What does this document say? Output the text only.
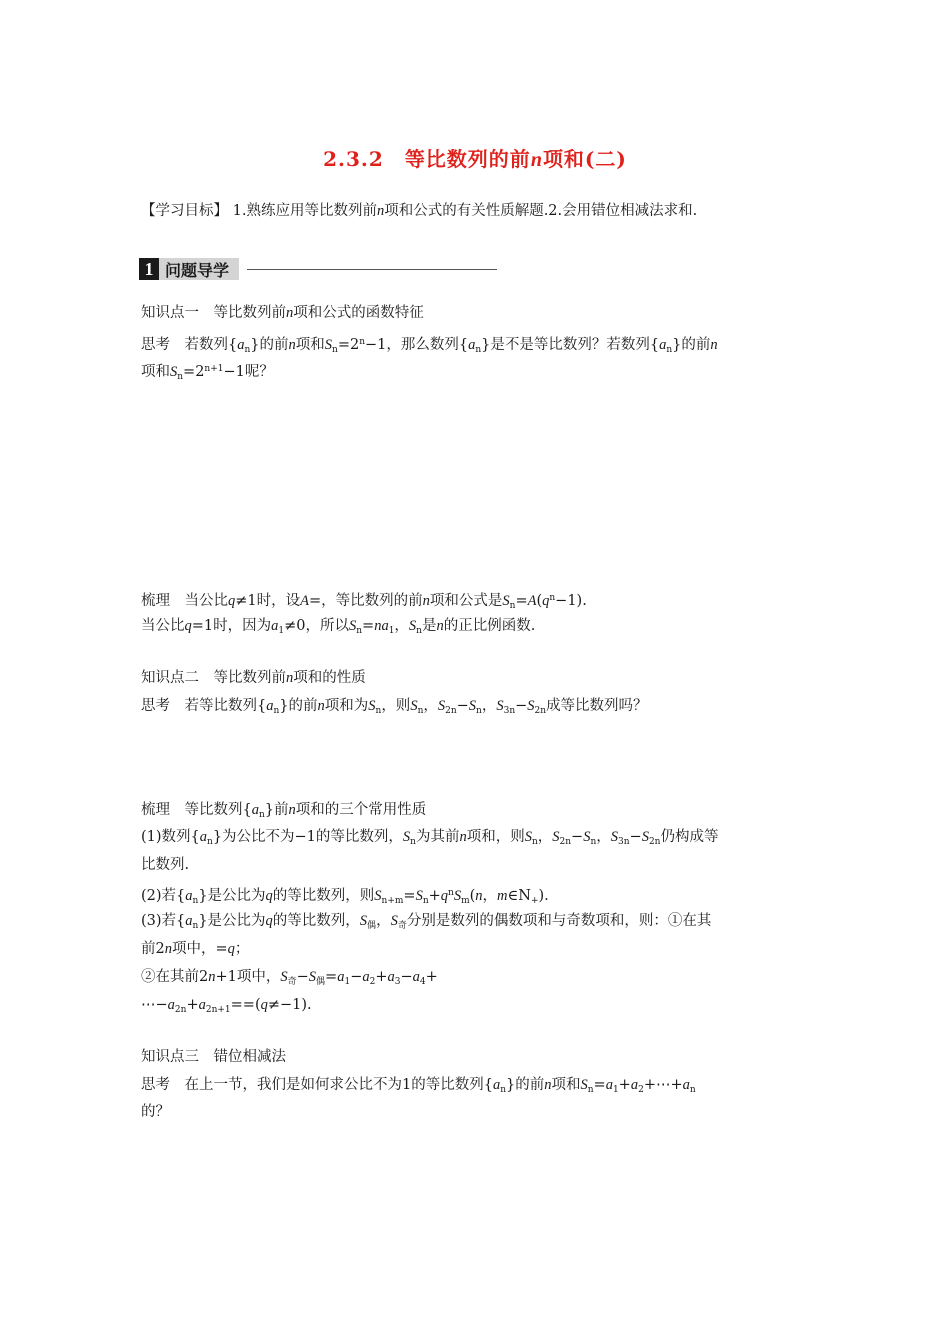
2.3.2　 等比数列的前n项和(二)
【学习目标】 1.熟练应用等比数列前n项和公式的有关性质解题.2.会用错位相减法求和.
1 问题导学
知识点一　等比数列前n项和公式的函数特征
思考　若数列$\{a_n\}$的前n项和$S_n=2^n-1$，那么数列$\{a_n\}$是不是等比数列？若数列$\{a_n\}$的前n
项和$S_n=2^{n+1}-1$呢？
梳理　当公比q≠1时，设A=，等比数列的前n项和公式是$S_n=A(q^n-1)$.
当公比q=1时，因为$a_1\ne 0$，所以$S_n=na_1$，$S_n$是n的正比例函数.
知识点二　等比数列前n项和的性质
思考　若等比数列$\{a_n\}$的前n项和为$S_n$，则$S_n$，$S_{2n}-S_n$，$S_{3n}-S_{2n}$成等比数列吗？
梳理　等比数列$\{a_n\}$前n项和的三个常用性质
(1)数列$\{a_n\}$为公比不为−1的等比数列，$S_n$为其前n项和，则$S_n$，$S_{2n}-S_n$，$S_{3n}-S_{2n}$仍构成等
比数列.
(2)若$\{a_n\}$是公比为q的等比数列，则$S_{n+m}=S_n+q^nS_m(n$，$m\in N_+$).
(3)若$\{a_n\}$是公比为q的等比数列，$S_偶$，$S_奇$分别是数列的偶数项和与奇数项和，则：①在其
前2n项中，=q；
②在其前2n+1项中，$S_奇-S_偶=a_1-a_2+a_3-a_4+$
$\cdots-a_{2n}+a_{2n+1}==(q\ne-1)$.
知识点三　错位相减法
思考　在上一节，我们是如何求公比不为1的等比数列$\{a_n\}$的前n项和$S_n=a_1+a_2+\cdots+a_n$
的？
